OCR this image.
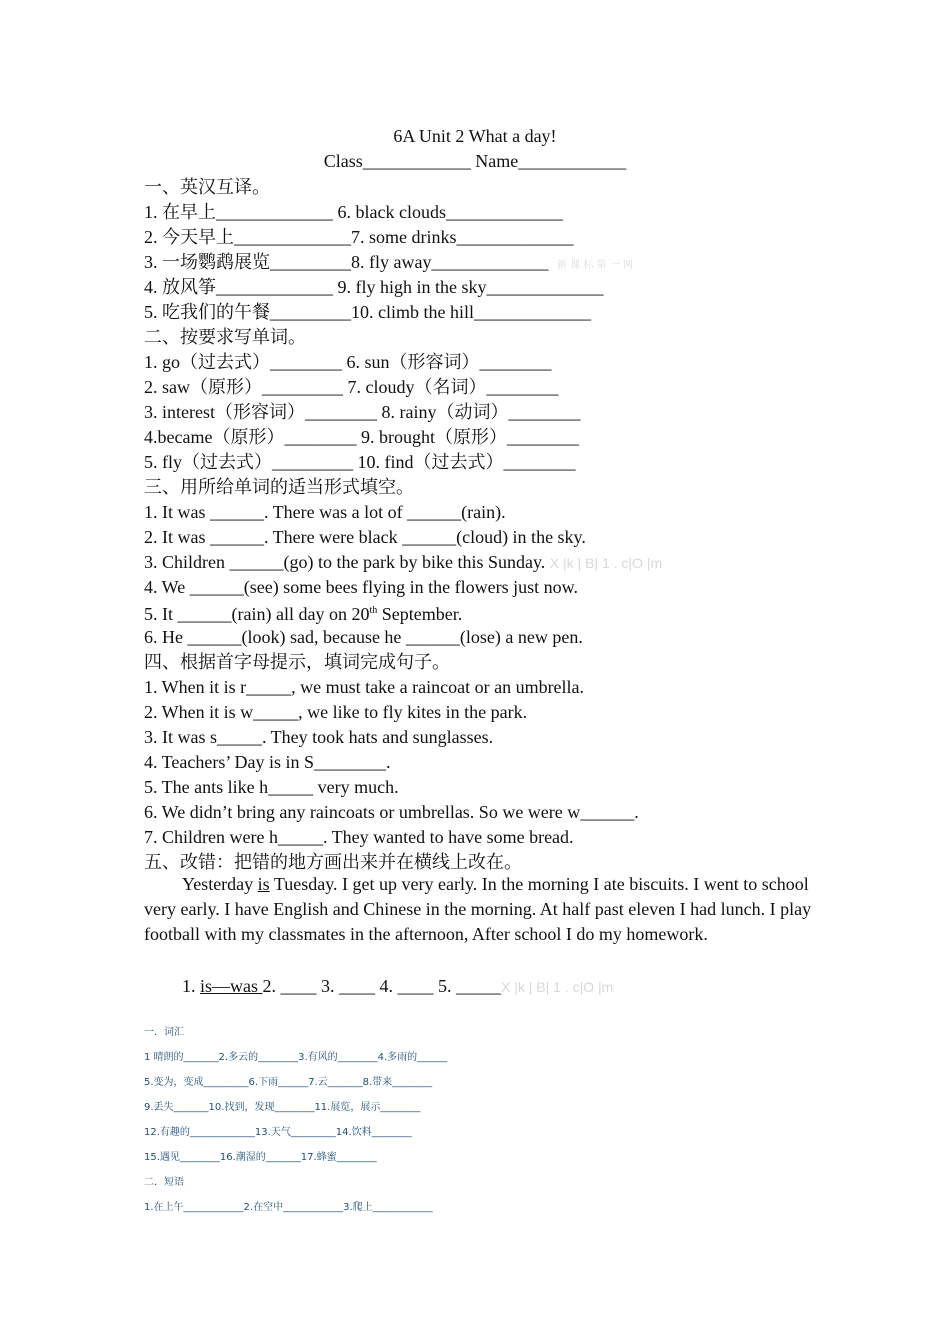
6A Unit 2 What a day!
Class____________ Name____________
一、英汉互译。
1. 在早上_____________ 6. black clouds_____________
2. 今天早上_____________7. some drinks_____________
3. 一场鹦鹉展览_________8. fly away_____________ 新 课 标 第 一 网
4. 放风筝_____________ 9. fly high in the sky_____________
5. 吃我们的午餐_________10. climb the hill_____________
二、按要求写单词。
1. go（过去式）________ 6. sun（形容词）________
2. saw（原形）_________ 7. cloudy（名词）________
3. interest（形容词）________ 8. rainy（动词）________
4.became（原形）________ 9. brought（原形）________
5. fly（过去式）_________ 10. find（过去式）________
三、用所给单词的适当形式填空。
1. It was ______. There was a lot of ______(rain).
2. It was ______. There were black ______(cloud) in the sky.
3. Children ______(go) to the park by bike this Sunday. X |k | B| 1 . c|O |m
4. We ______(see) some bees flying in the flowers just now.
5. It ______(rain) all day on 20th September.
6. He ______(look) sad, because he ______(lose) a new pen.
四、根据首字母提示，填词完成句子。
1. When it is r_____, we must take a raincoat or an umbrella.
2. When it is w_____, we like to fly kites in the park.
3. It was s_____. They took hats and sunglasses.
4. Teachers’ Day is in S________.
5. The ants like h_____ very much.
6. We didn’t bring any raincoats or umbrellas. So we were w______.
7. Children were h_____. They wanted to have some bread.
五、改错：把错的地方画出来并在横线上改在。
Yesterday is Tuesday. I get up very early. In the morning I ate biscuits. I went to school very early. I have English and Chinese in the morning. At half past eleven I had lunch. I play football with my classmates in the afternoon, After school I do my homework.
1. is—was 2. ____ 3. ____ 4. ____ 5. _____X |k | B| 1 . c|O |m
一．词汇
1 晴朗的_______2.多云的________3.有风的________4.多雨的______
5.变为，变成_________6.下雨______7.云_______8.带来________
9.丢失_______10.找到，发现________11.展览，展示________
12.有趣的_____________13.天气_________14.饮料________
15.遇见________16.潮湿的_______17.蜂蜜________
二．短语
1.在上午____________2.在空中____________3.爬上____________
